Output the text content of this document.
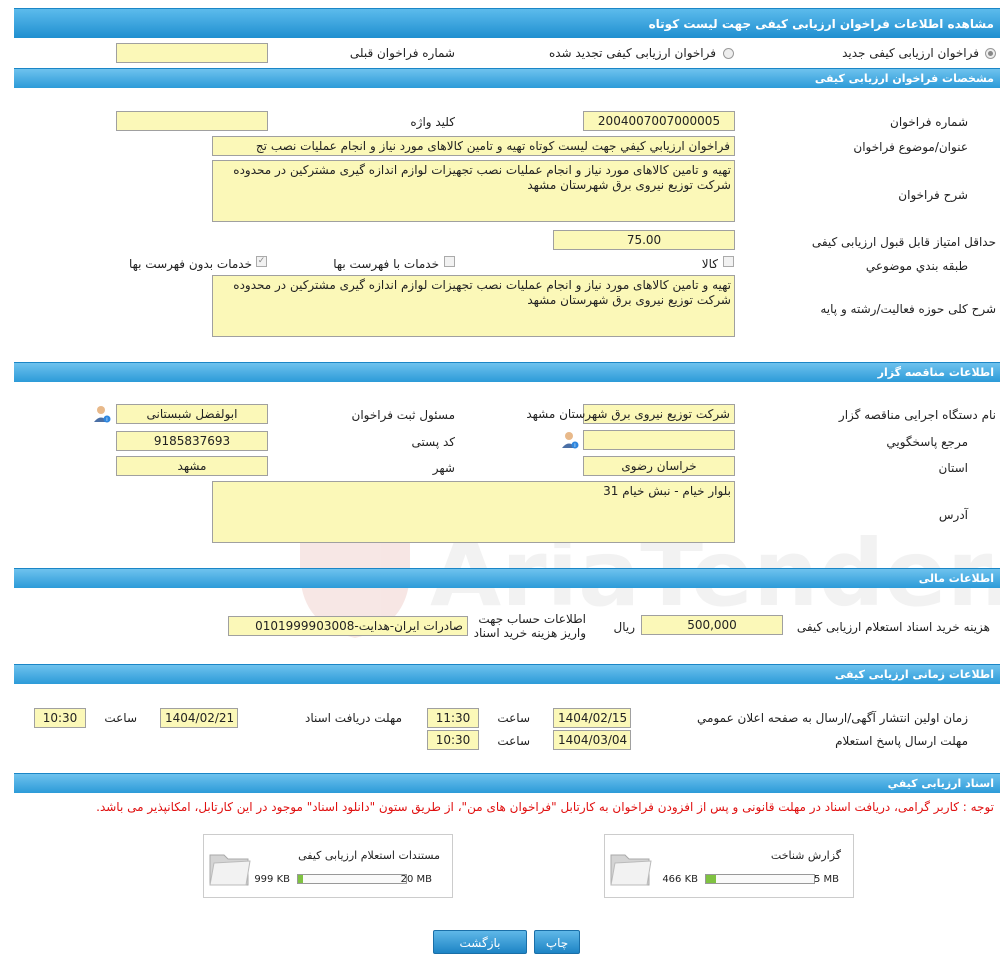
مشاهده اطلاعات فراخوان ارزيابی کيفی جهت ليست کوتاه
فراخوان ارزيابی کيفی جديد
فراخوان ارزيابی کيفی تجديد شده
شماره فراخوان قبلی
مشخصات فراخوان ارزيابی کيفی
شماره فراخوان
2004007007000005
کليد واژه
عنوان/موضوع فراخوان
فراخوان ارزيابي کيفي جهت ليست کوتاه تهيه و تامين کالاهای مورد نياز و انجام عمليات نصب تج
شرح فراخوان
تهيه و تامين کالاهای مورد نياز و انجام عمليات نصب تجهيزات لوازم اندازه گيری مشترکين در محدوده شرکت توزيع نيروی برق شهرستان مشهد
حداقل امتياز قابل قبول ارزيابی کيفی
75.00
طبقه بندي موضوعي
کالا
خدمات با فهرست بها
✓
خدمات بدون فهرست بها
شرح کلی حوزه فعاليت/رشته و پايه
تهيه و تامين کالاهای مورد نياز و انجام عمليات نصب تجهيزات لوازم اندازه گيری مشترکين در محدوده شرکت توزيع نيروی برق شهرستان مشهد
اطلاعات مناقصه گزار
نام دستگاه اجرايی مناقصه گزار
شرکت توزيع نيروی برق شهرستان مشهد
مسئول ثبت فراخوان
ابولفضل شبستانی
i
مرجع پاسخگويي
i
کد پستی
9185837693
استان
خراسان رضوی
شهر
مشهد
آدرس
بلوار خيام - نبش خيام 31
اطلاعات مالی
هزينه خريد اسناد استعلام ارزيابی کيفی
500,000
ريال
اطلاعات حساب جهت
واريز هزينه خريد اسناد
صادرات ايران-هدايت-0101999903008
اطلاعات زمانی ارزيابی کيفی
زمان اولين انتشار آگهی/ارسال به صفحه اعلان عمومي
1404/02/15
ساعت
11:30
مهلت دريافت اسناد
1404/02/21
ساعت
10:30
مهلت ارسال پاسخ استعلام
1404/03/04
ساعت
10:30
اسناد ارزيابی کيفي
توجه : کاربر گرامی، دريافت اسناد در مهلت قانونی و پس از افزودن فراخوان به کارتابل "فراخوان های من"، از طريق ستون "دانلود اسناد" موجود در اين کارتابل، امکانپذير می باشد.
گزارش شناخت
466 KB	5 MB
مستندات استعلام ارزيابی کيفی
999 KB	20 MB
چاپ
بازگشت
